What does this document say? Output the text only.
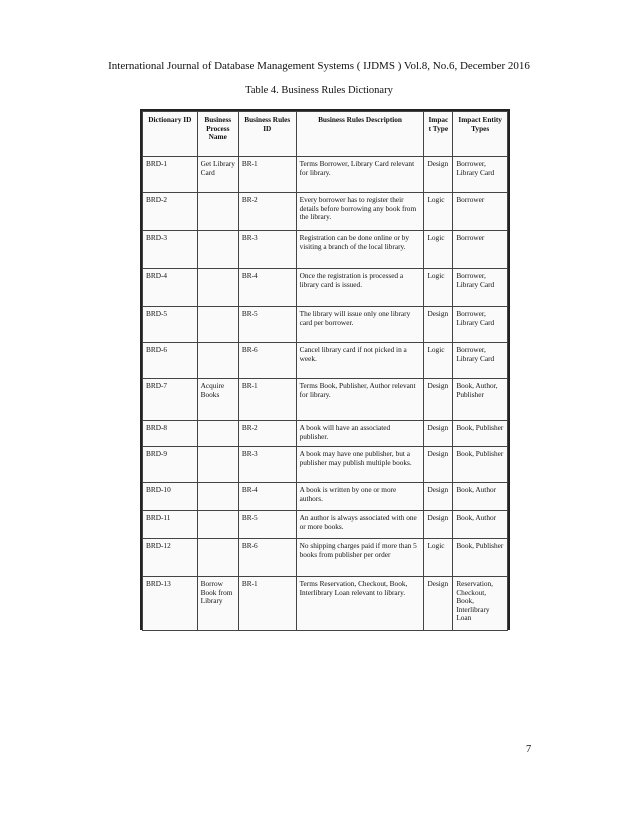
International Journal of Database Management Systems ( IJDMS ) Vol.8, No.6, December 2016
Table 4. Business Rules Dictionary
Dictionary ID	Business Process Name	Business Rules ID	Business Rules Description	Impac t Type	Impact Entity Types
BRD-1	Get Library Card	BR-1	Terms Borrower, Library Card relevant for library.	Design	Borrower, Library Card
BRD-2		BR-2	Every borrower has to register their details before borrowing any book from the library.	Logic	Borrower
BRD-3		BR-3	Registration can be done online or by visiting a branch of the local library.	Logic	Borrower
BRD-4		BR-4	Once the registration is processed a library card is issued.	Logic	Borrower, Library Card
BRD-5		BR-5	The library will issue only one library card per borrower.	Design	Borrower, Library Card
BRD-6		BR-6	Cancel library card if not picked in a week.	Logic	Borrower, Library Card
BRD-7	Acquire Books	BR-1	Terms Book, Publisher, Author relevant for library.	Design	Book, Author, Publisher
BRD-8		BR-2	A book will have an associated publisher.	Design	Book, Publisher
BRD-9		BR-3	A book may have one publisher, but a publisher may publish multiple books.	Design	Book, Publisher
BRD-10		BR-4	A book is written by one or more authors.	Design	Book, Author
BRD-11		BR-5	An author is always associated with one or more books.	Design	Book, Author
BRD-12		BR-6	No shipping charges paid if more than 5 books from publisher per order	Logic	Book, Publisher
BRD-13	Borrow Book from Library	BR-1	Terms Reservation, Checkout, Book, Interlibrary Loan relevant to library.	Design	Reservation, Checkout, Book, Interlibrary Loan
7
